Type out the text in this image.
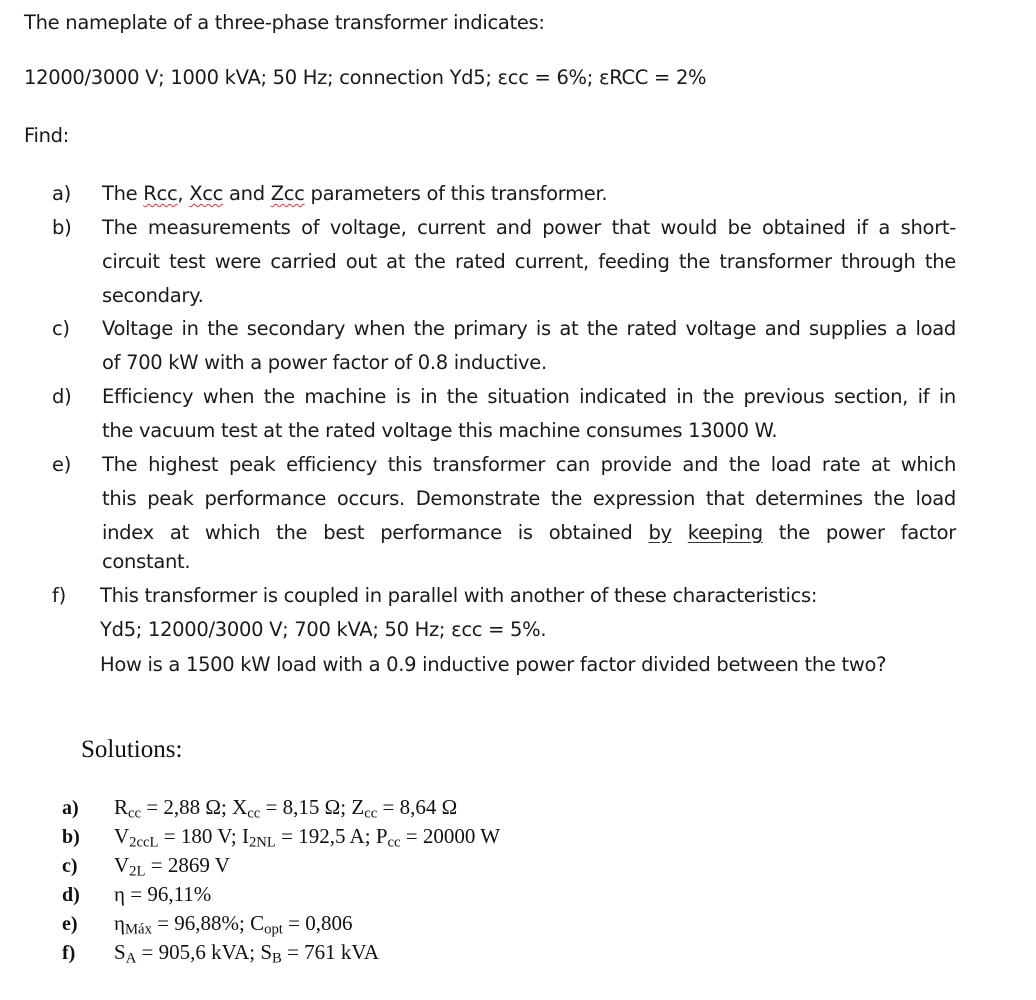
The nameplate of a three-phase transformer indicates:
12000/3000 V; 1000 kVA; 50 Hz; connection Yd5; εcc = 6%; εRCC = 2%
Find:
a) The Rcc, Xcc and Zcc parameters of this transformer.
b) The measurements of voltage, current and power that would be obtained if a short-
circuit test were carried out at the rated current, feeding the transformer through the
secondary.
c) Voltage in the secondary when the primary is at the rated voltage and supplies a load
of 700 kW with a power factor of 0.8 inductive.
d) Efficiency when the machine is in the situation indicated in the previous section, if in
the vacuum test at the rated voltage this machine consumes 13000 W.
e) The highest peak efficiency this transformer can provide and the load rate at which
this peak performance occurs. Demonstrate the expression that determines the load
index at which the best performance is obtained by keeping the power factor
constant.
f) This transformer is coupled in parallel with another of these characteristics:
Yd5; 12000/3000 V; 700 kVA; 50 Hz; εcc = 5%.
How is a 1500 kW load with a 0.9 inductive power factor divided between the two?
Solutions:
a) $R_{cc} = 2,88$ Ω; $X_{cc} = 8,15$ Ω; $Z_{cc} = 8,64$ Ω
b) $V_{2ccL} = 180$ V; $I_{2NL} = 192,5$ A; $P_{cc} = 20000$ W
c) $V_{2L} = 2869$ V
d) η = 96,11%
e) $\eta_{Máx} = 96,88\%$; $C_{opt} = 0,806$
f) $S_A = 905,6$ kVA; $S_B = 761$ kVA
